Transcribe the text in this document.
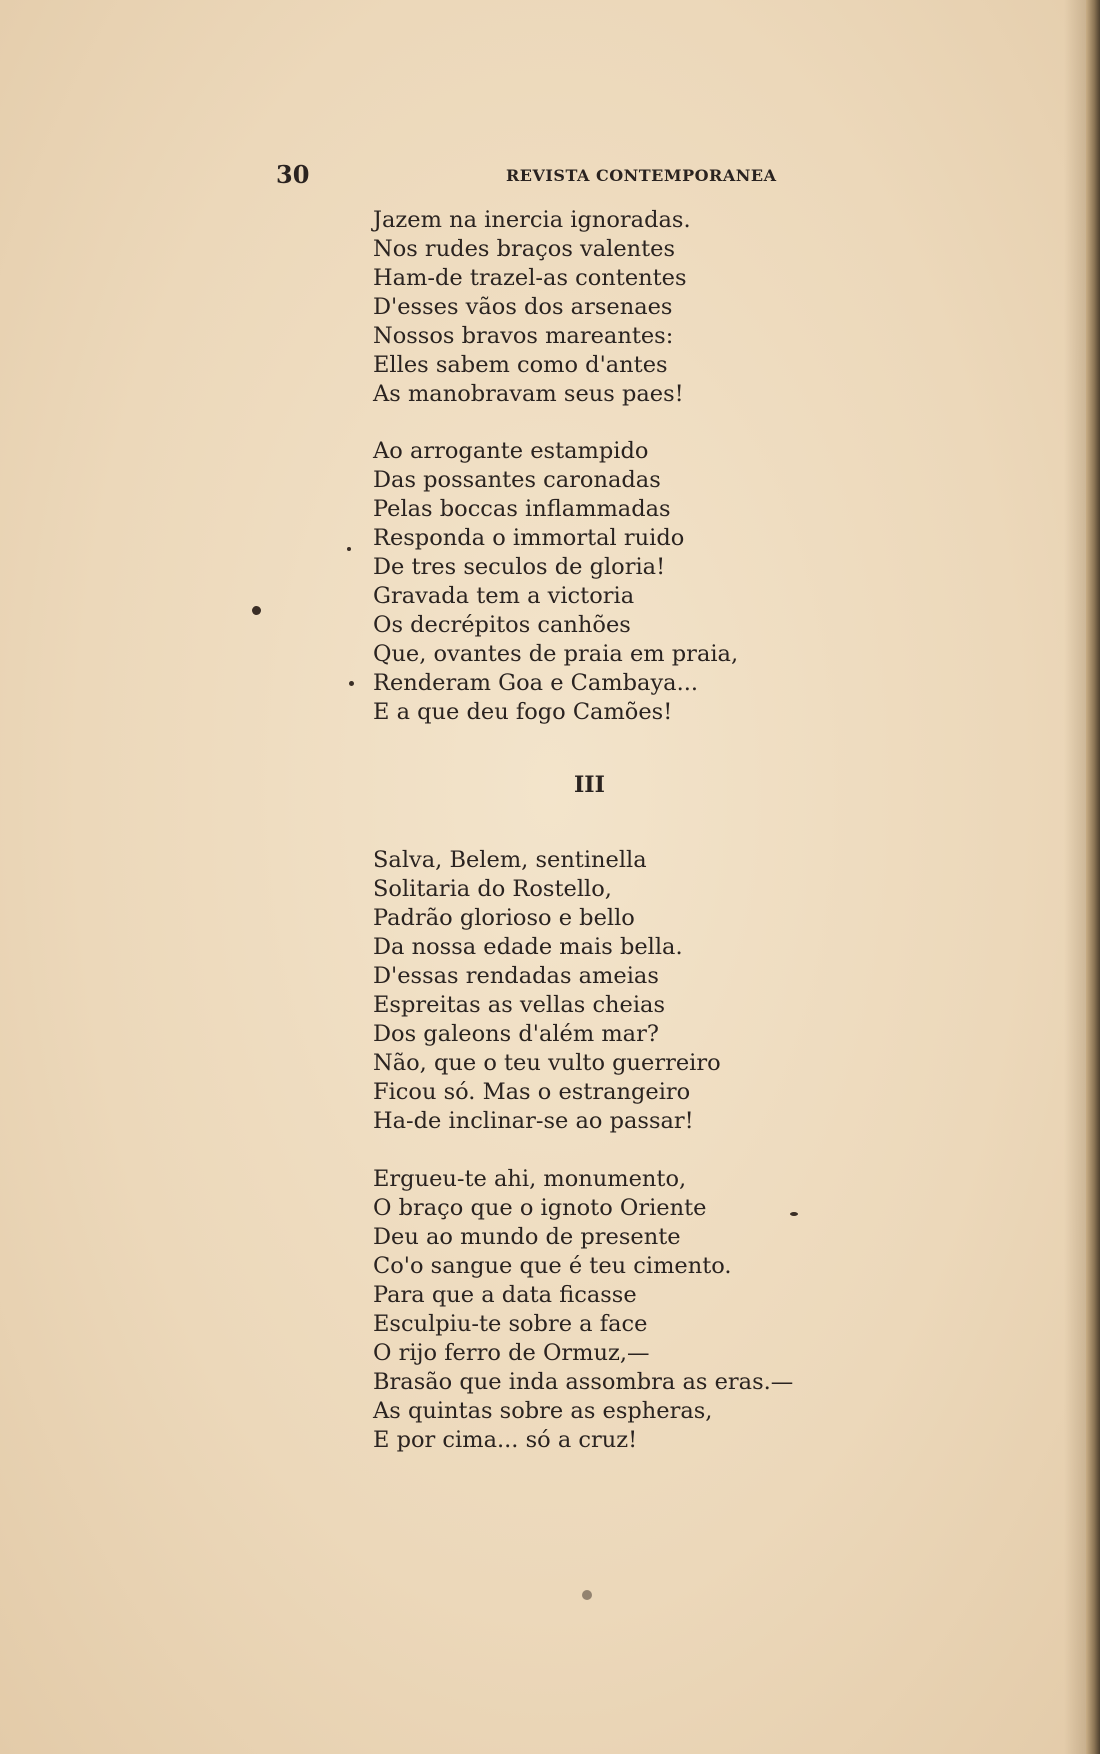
30	REVISTA CONTEMPORANEA
Jazem na inercia ignoradas.
Nos rudes braços valentes
Ham-de trazel-as contentes
D'esses vãos dos arsenaes
Nossos bravos mareantes:
Elles sabem como d'antes
As manobravam seus paes!
Ao arrogante estampido
Das possantes caronadas
Pelas boccas inflammadas
Responda o immortal ruido
De tres seculos de gloria!
Gravada tem a victoria
Os decrépitos canhões
Que, ovantes de praia em praia,
Renderam Goa e Cambaya...
E a que deu fogo Camões!
III
Salva, Belem, sentinella
Solitaria do Rostello,
Padrão glorioso e bello
Da nossa edade mais bella.
D'essas rendadas ameias
Espreitas as vellas cheias
Dos galeons d'além mar?
Não, que o teu vulto guerreiro
Ficou só. Mas o estrangeiro
Ha-de inclinar-se ao passar!
Ergueu-te ahi, monumento,
O braço que o ignoto Oriente
Deu ao mundo de presente
Co'o sangue que é teu cimento.
Para que a data ficasse
Esculpiu-te sobre a face
O rijo ferro de Ormuz,—
Brasão que inda assombra as eras.—
As quintas sobre as espheras,
E por cima... só a cruz!
